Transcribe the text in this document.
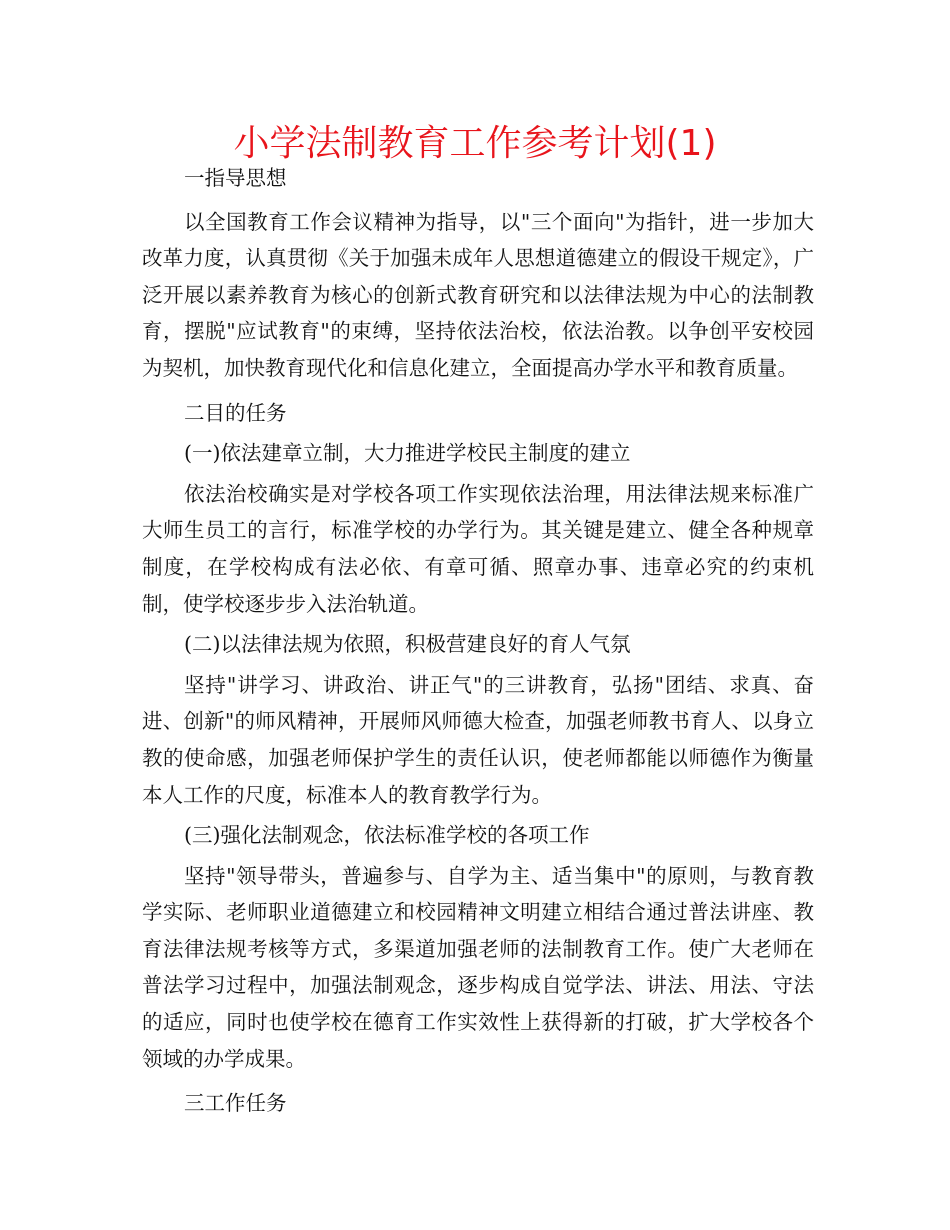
小学法制教育工作参考计划(1)

一指导思想

以全国教育工作会议精神为指导，以"三个面向"为指针，进一步加大改革力度，认真贯彻《关于加强未成年人思想道德建立的假设干规定》，广泛开展以素养教育为核心的创新式教育研究和以法律法规为中心的法制教育，摆脱"应试教育"的束缚，坚持依法治校，依法治教。以争创平安校园为契机，加快教育现代化和信息化建立，全面提高办学水平和教育质量。

二目的任务

(一)依法建章立制，大力推进学校民主制度的建立

依法治校确实是对学校各项工作实现依法治理，用法律法规来标准广大师生员工的言行，标准学校的办学行为。其关键是建立、健全各种规章制度，在学校构成有法必依、有章可循、照章办事、违章必究的约束机制，使学校逐步步入法治轨道。

(二)以法律法规为依照，积极营建良好的育人气氛

坚持"讲学习、讲政治、讲正气"的三讲教育，弘扬"团结、求真、奋进、创新"的师风精神，开展师风师德大检查，加强老师教书育人、以身立教的使命感，加强老师保护学生的责任认识，使老师都能以师德作为衡量本人工作的尺度，标准本人的教育教学行为。

(三)强化法制观念，依法标准学校的各项工作

坚持"领导带头，普遍参与、自学为主、适当集中"的原则，与教育教学实际、老师职业道德建立和校园精神文明建立相结合通过普法讲座、教育法律法规考核等方式，多渠道加强老师的法制教育工作。使广大老师在普法学习过程中，加强法制观念，逐步构成自觉学法、讲法、用法、守法的适应，同时也使学校在德育工作实效性上获得新的打破，扩大学校各个领域的办学成果。

三工作任务
